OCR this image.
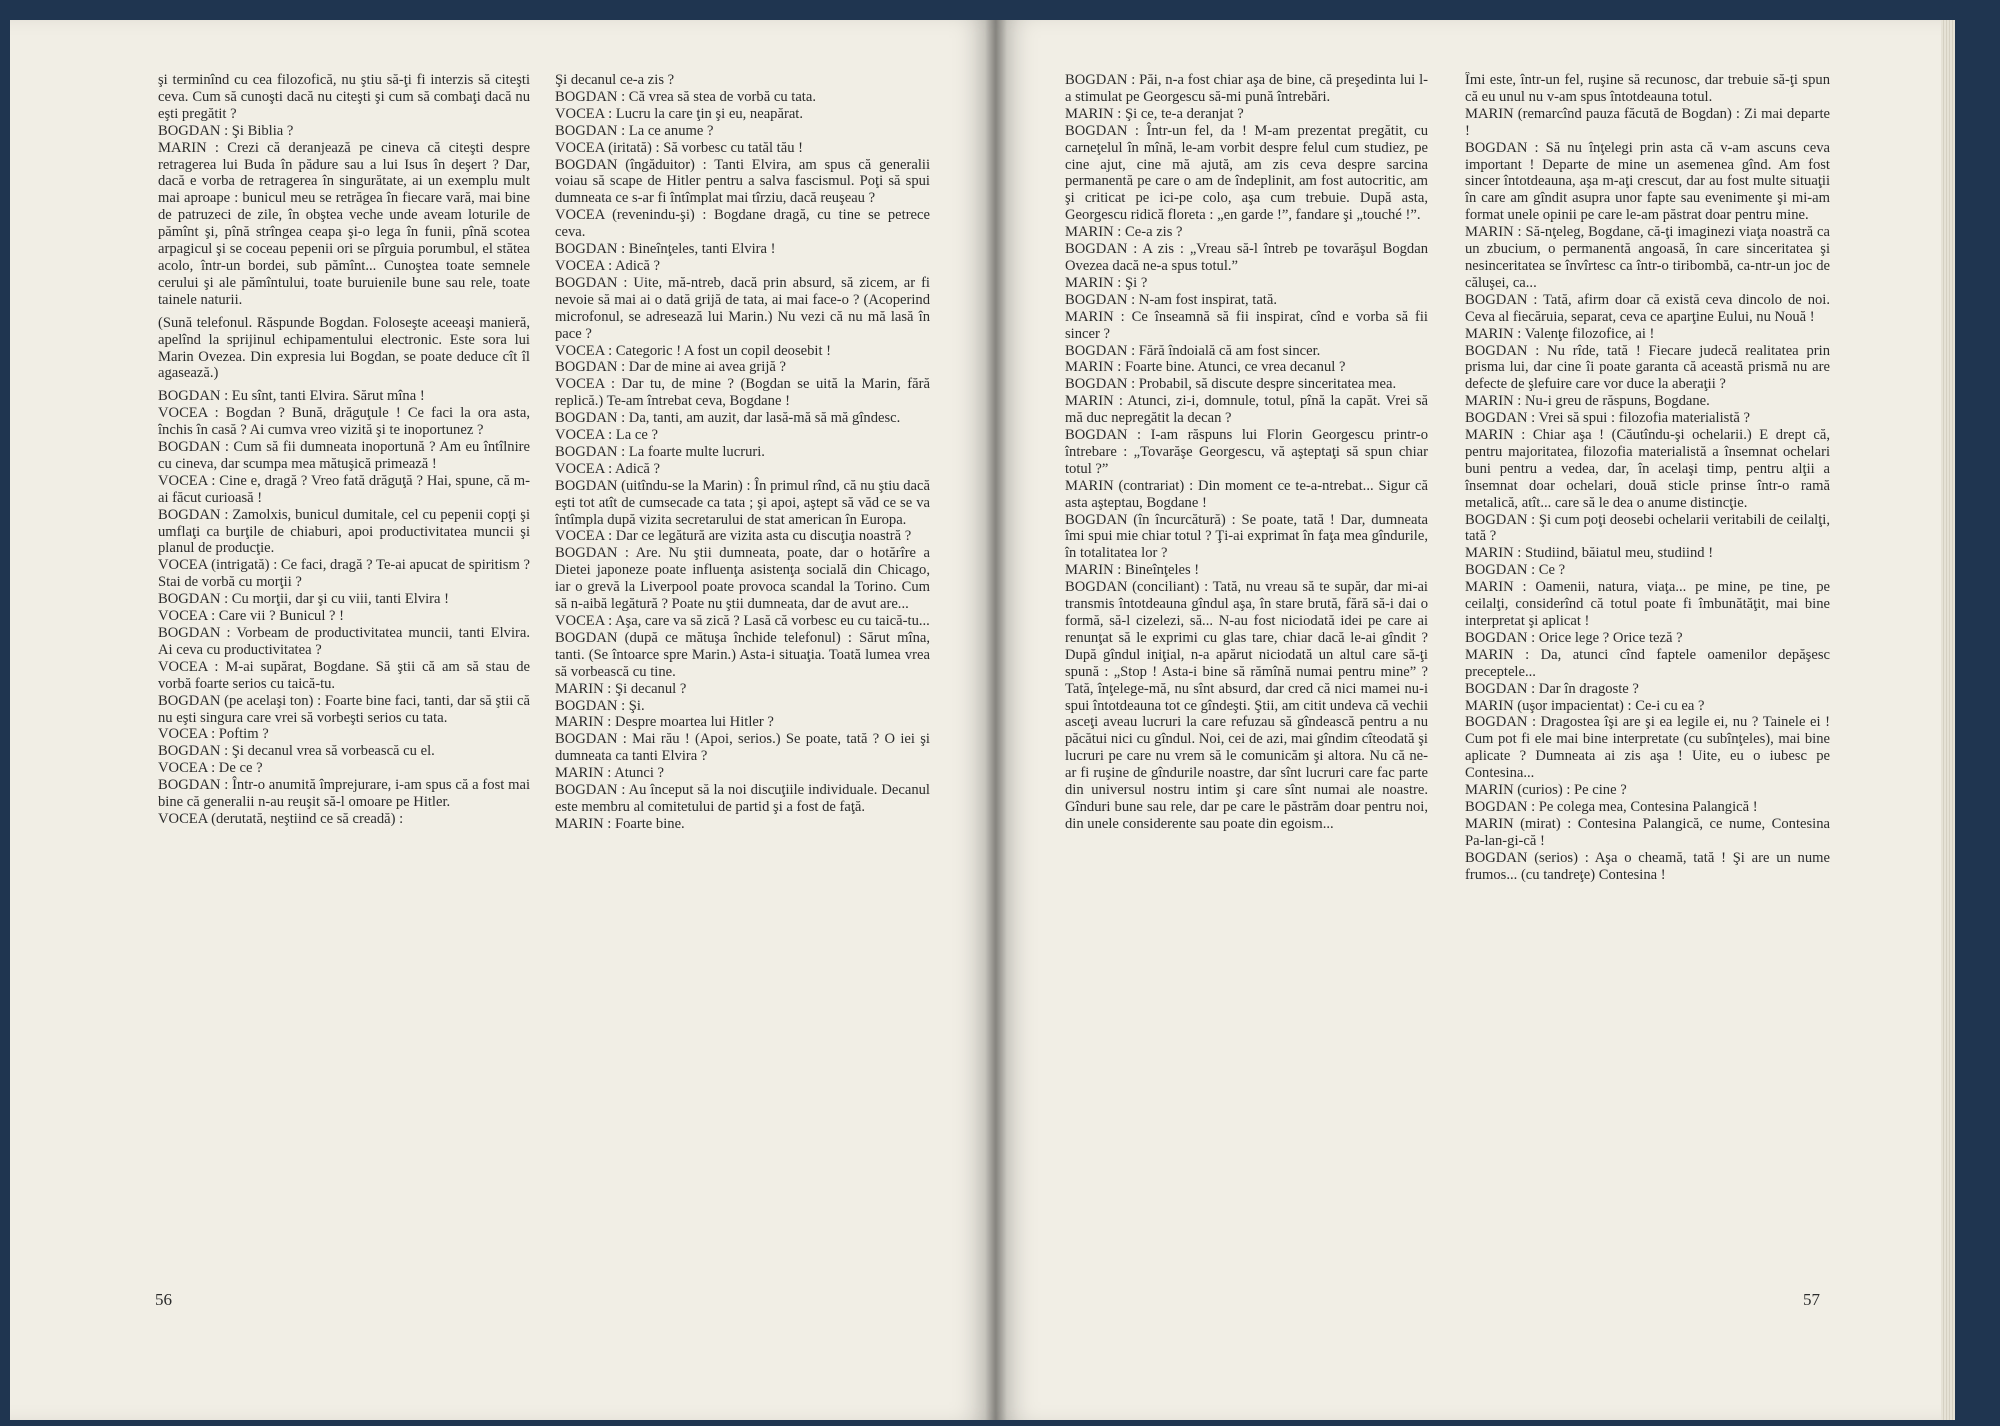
şi terminînd cu cea filozofică, nu ştiu să-ţi fi interzis să citeşti ceva. Cum să cunoşti dacă nu citeşti şi cum să combaţi dacă nu eşti pregătit ?

BOGDAN : Şi Biblia ?

MARIN : Crezi că deranjează pe cineva că citeşti despre retragerea lui Buda în pădure sau a lui Isus în deşert ? Dar, dacă e vorba de retragerea în singurătate, ai un exemplu mult mai aproape : bunicul meu se retrăgea în fiecare vară, mai bine de patruzeci de zile, în obştea veche unde aveam loturile de pămînt şi, pînă strîngea ceapa şi-o lega în funii, pînă scotea arpagicul şi se coceau pepenii ori se pîrguia porumbul, el stătea acolo, într-un bordei, sub pămînt... Cunoştea toate semnele cerului şi ale pămîntului, toate buruienile bune sau rele, toate tainele naturii.

(Sună telefonul. Răspunde Bogdan. Foloseşte aceeaşi manieră, apelînd la sprijinul echipamentului electronic. Este sora lui Marin Ovezea. Din expresia lui Bogdan, se poate deduce cît îl agasează.)

BOGDAN : Eu sînt, tanti Elvira. Sărut mîna !

VOCEA : Bogdan ? Bună, drăguţule ! Ce faci la ora asta, închis în casă ? Ai cumva vreo vizită şi te inoportunez ?

BOGDAN : Cum să fii dumneata inoportună ? Am eu întîlnire cu cineva, dar scumpa mea mătuşică primează !

VOCEA : Cine e, dragă ? Vreo fată drăguţă ? Hai, spune, că m-ai făcut curioasă !

BOGDAN : Zamolxis, bunicul dumitale, cel cu pepenii copţi şi umflaţi ca burţile de chiaburi, apoi productivitatea muncii şi planul de producţie.

VOCEA (intrigată) : Ce faci, dragă ? Te-ai apucat de spiritism ? Stai de vorbă cu morţii ?

BOGDAN : Cu morţii, dar şi cu viii, tanti Elvira !

VOCEA : Care vii ? Bunicul ? !

BOGDAN : Vorbeam de productivitatea muncii, tanti Elvira. Ai ceva cu productivitatea ?

VOCEA : M-ai supărat, Bogdane. Să ştii că am să stau de vorbă foarte serios cu taică-tu.

BOGDAN (pe acelaşi ton) : Foarte bine faci, tanti, dar să ştii că nu eşti singura care vrei să vorbeşti serios cu tata.

VOCEA : Poftim ?

BOGDAN : Şi decanul vrea să vorbească cu el.

VOCEA : De ce ?

BOGDAN : Într-o anumită împrejurare, i-am spus că a fost mai bine că generalii n-au reuşit să-l omoare pe Hitler.

VOCEA (derutată, neştiind ce să creadă) :

Şi decanul ce-a zis ?

BOGDAN : Că vrea să stea de vorbă cu tata.

VOCEA : Lucru la care ţin şi eu, neapărat.

BOGDAN : La ce anume ?

VOCEA (iritată) : Să vorbesc cu tatăl tău !

BOGDAN (îngăduitor) : Tanti Elvira, am spus că generalii voiau să scape de Hitler pentru a salva fascismul. Poţi să spui dumneata ce s-ar fi întîmplat mai tîrziu, dacă reuşeau ?

VOCEA (revenindu-şi) : Bogdane dragă, cu tine se petrece ceva.

BOGDAN : Bineînţeles, tanti Elvira !

VOCEA : Adică ?

BOGDAN : Uite, mă-ntreb, dacă prin absurd, să zicem, ar fi nevoie să mai ai o dată grijă de tata, ai mai face-o ? (Acoperind microfonul, se adresează lui Marin.) Nu vezi că nu mă lasă în pace ?

VOCEA : Categoric ! A fost un copil deosebit !

BOGDAN : Dar de mine ai avea grijă ?

VOCEA : Dar tu, de mine ? (Bogdan se uită la Marin, fără replică.) Te-am întrebat ceva, Bogdane !

BOGDAN : Da, tanti, am auzit, dar lasă-mă să mă gîndesc.

VOCEA : La ce ?

BOGDAN : La foarte multe lucruri.

VOCEA : Adică ?

BOGDAN (uitîndu-se la Marin) : În primul rînd, că nu ştiu dacă eşti tot atît de cumsecade ca tata ; şi apoi, aştept să văd ce se va întîmpla după vizita secretarului de stat american în Europa.

VOCEA : Dar ce legătură are vizita asta cu discuţia noastră ?

BOGDAN : Are. Nu ştii dumneata, poate, dar o hotărîre a Dietei japoneze poate influenţa asistenţa socială din Chicago, iar o grevă la Liverpool poate provoca scandal la Torino. Cum să n-aibă legătură ? Poate nu ştii dumneata, dar de avut are...

VOCEA : Aşa, care va să zică ? Lasă că vorbesc eu cu taică-tu...

BOGDAN (după ce mătuşa închide telefonul) : Sărut mîna, tanti. (Se întoarce spre Marin.) Asta-i situaţia. Toată lumea vrea să vorbească cu tine.

MARIN : Şi decanul ?

BOGDAN : Şi.

MARIN : Despre moartea lui Hitler ?

BOGDAN : Mai rău ! (Apoi, serios.) Se poate, tată ? O iei şi dumneata ca tanti Elvira ?

MARIN : Atunci ?

BOGDAN : Au început să la noi discuţiile individuale. Decanul este membru al comitetului de partid şi a fost de faţă.

MARIN : Foarte bine.

56

BOGDAN : Păi, n-a fost chiar aşa de bine, că preşedinta lui l-a stimulat pe Georgescu să-mi pună întrebări.

MARIN : Şi ce, te-a deranjat ?

BOGDAN : Într-un fel, da ! M-am prezentat pregătit, cu carneţelul în mînă, le-am vorbit despre felul cum studiez, pe cine ajut, cine mă ajută, am zis ceva despre sarcina permanentă pe care o am de îndeplinit, am fost autocritic, am şi criticat pe ici-pe colo, aşa cum trebuie. După asta, Georgescu ridică floreta : „en garde !”, fandare şi „touché !”.

MARIN : Ce-a zis ?

BOGDAN : A zis : „Vreau să-l întreb pe tovarăşul Bogdan Ovezea dacă ne-a spus totul.”

MARIN : Şi ?

BOGDAN : N-am fost inspirat, tată.

MARIN : Ce înseamnă să fii inspirat, cînd e vorba să fii sincer ?

BOGDAN : Fără îndoială că am fost sincer.

MARIN : Foarte bine. Atunci, ce vrea decanul ?

BOGDAN : Probabil, să discute despre sinceritatea mea.

MARIN : Atunci, zi-i, domnule, totul, pînă la capăt. Vrei să mă duc nepregătit la decan ?

BOGDAN : I-am răspuns lui Florin Georgescu printr-o întrebare : „Tovarăşe Georgescu, vă aşteptaţi să spun chiar totul ?”

MARIN (contrariat) : Din moment ce te-a-ntrebat... Sigur că asta aşteptau, Bogdane !

BOGDAN (în încurcătură) : Se poate, tată ! Dar, dumneata îmi spui mie chiar totul ? Ţi-ai exprimat în faţa mea gîndurile, în totalitatea lor ?

MARIN : Bineînţeles !

BOGDAN (conciliant) : Tată, nu vreau să te supăr, dar mi-ai transmis întotdeauna gîndul aşa, în stare brută, fără să-i dai o formă, să-l cizelezi, să... N-au fost niciodată idei pe care ai renunţat să le exprimi cu glas tare, chiar dacă le-ai gîndit ? După gîndul iniţial, n-a apărut niciodată un altul care să-ţi spună : „Stop ! Asta-i bine să rămînă numai pentru mine” ? Tată, înţelege-mă, nu sînt absurd, dar cred că nici mamei nu-i spui întotdeauna tot ce gîndeşti. Ştii, am citit undeva că vechii asceţi aveau lucruri la care refuzau să gîndească pentru a nu păcătui nici cu gîndul. Noi, cei de azi, mai gîndim cîteodată şi lucruri pe care nu vrem să le comunicăm şi altora. Nu că ne-ar fi ruşine de gîndurile noastre, dar sînt lucruri care fac parte din universul nostru intim şi care sînt numai ale noastre. Gînduri bune sau rele, dar pe care le păstrăm doar pentru noi, din unele considerente sau poate din egoism...

Îmi este, într-un fel, ruşine să recunosc, dar trebuie să-ţi spun că eu unul nu v-am spus întotdeauna totul.

MARIN (remarcînd pauza făcută de Bogdan) : Zi mai departe !

BOGDAN : Să nu înţelegi prin asta că v-am ascuns ceva important ! Departe de mine un asemenea gînd. Am fost sincer întotdeauna, aşa m-aţi crescut, dar au fost multe situaţii în care am gîndit asupra unor fapte sau evenimente şi mi-am format unele opinii pe care le-am păstrat doar pentru mine.

MARIN : Să-nţeleg, Bogdane, că-ţi imaginezi viaţa noastră ca un zbucium, o permanentă angoasă, în care sinceritatea şi nesinceritatea se învîrtesc ca într-o tiribombă, ca-ntr-un joc de căluşei, ca...

BOGDAN : Tată, afirm doar că există ceva dincolo de noi. Ceva al fiecăruia, separat, ceva ce aparţine Eului, nu Nouă !

MARIN : Valenţe filozofice, ai !

BOGDAN : Nu rîde, tată ! Fiecare judecă realitatea prin prisma lui, dar cine îi poate garanta că această prismă nu are defecte de şlefuire care vor duce la aberaţii ?

MARIN : Nu-i greu de răspuns, Bogdane.

BOGDAN : Vrei să spui : filozofia materialistă ?

MARIN : Chiar aşa ! (Căutîndu-şi ochelarii.) E drept că, pentru majoritatea, filozofia materialistă a însemnat ochelari buni pentru a vedea, dar, în acelaşi timp, pentru alţii a însemnat doar ochelari, două sticle prinse într-o ramă metalică, atît... care să le dea o anume distincţie.

BOGDAN : Şi cum poţi deosebi ochelarii veritabili de ceilalţi, tată ?

MARIN : Studiind, băiatul meu, studiind !

BOGDAN : Ce ?

MARIN : Oamenii, natura, viaţa... pe mine, pe tine, pe ceilalţi, considerînd că totul poate fi îmbunătăţit, mai bine interpretat şi aplicat !

BOGDAN : Orice lege ? Orice teză ?

MARIN : Da, atunci cînd faptele oamenilor depăşesc preceptele...

BOGDAN : Dar în dragoste ?

MARIN (uşor impacientat) : Ce-i cu ea ?

BOGDAN : Dragostea îşi are şi ea legile ei, nu ? Tainele ei ! Cum pot fi ele mai bine interpretate (cu subînţeles), mai bine aplicate ? Dumneata ai zis aşa ! Uite, eu o iubesc pe Contesina...

MARIN (curios) : Pe cine ?

BOGDAN : Pe colega mea, Contesina Palangică !

MARIN (mirat) : Contesina Palangică, ce nume, Contesina Pa-lan-gi-că !

BOGDAN (serios) : Aşa o cheamă, tată ! Şi are un nume frumos... (cu tandreţe) Contesina !

57
